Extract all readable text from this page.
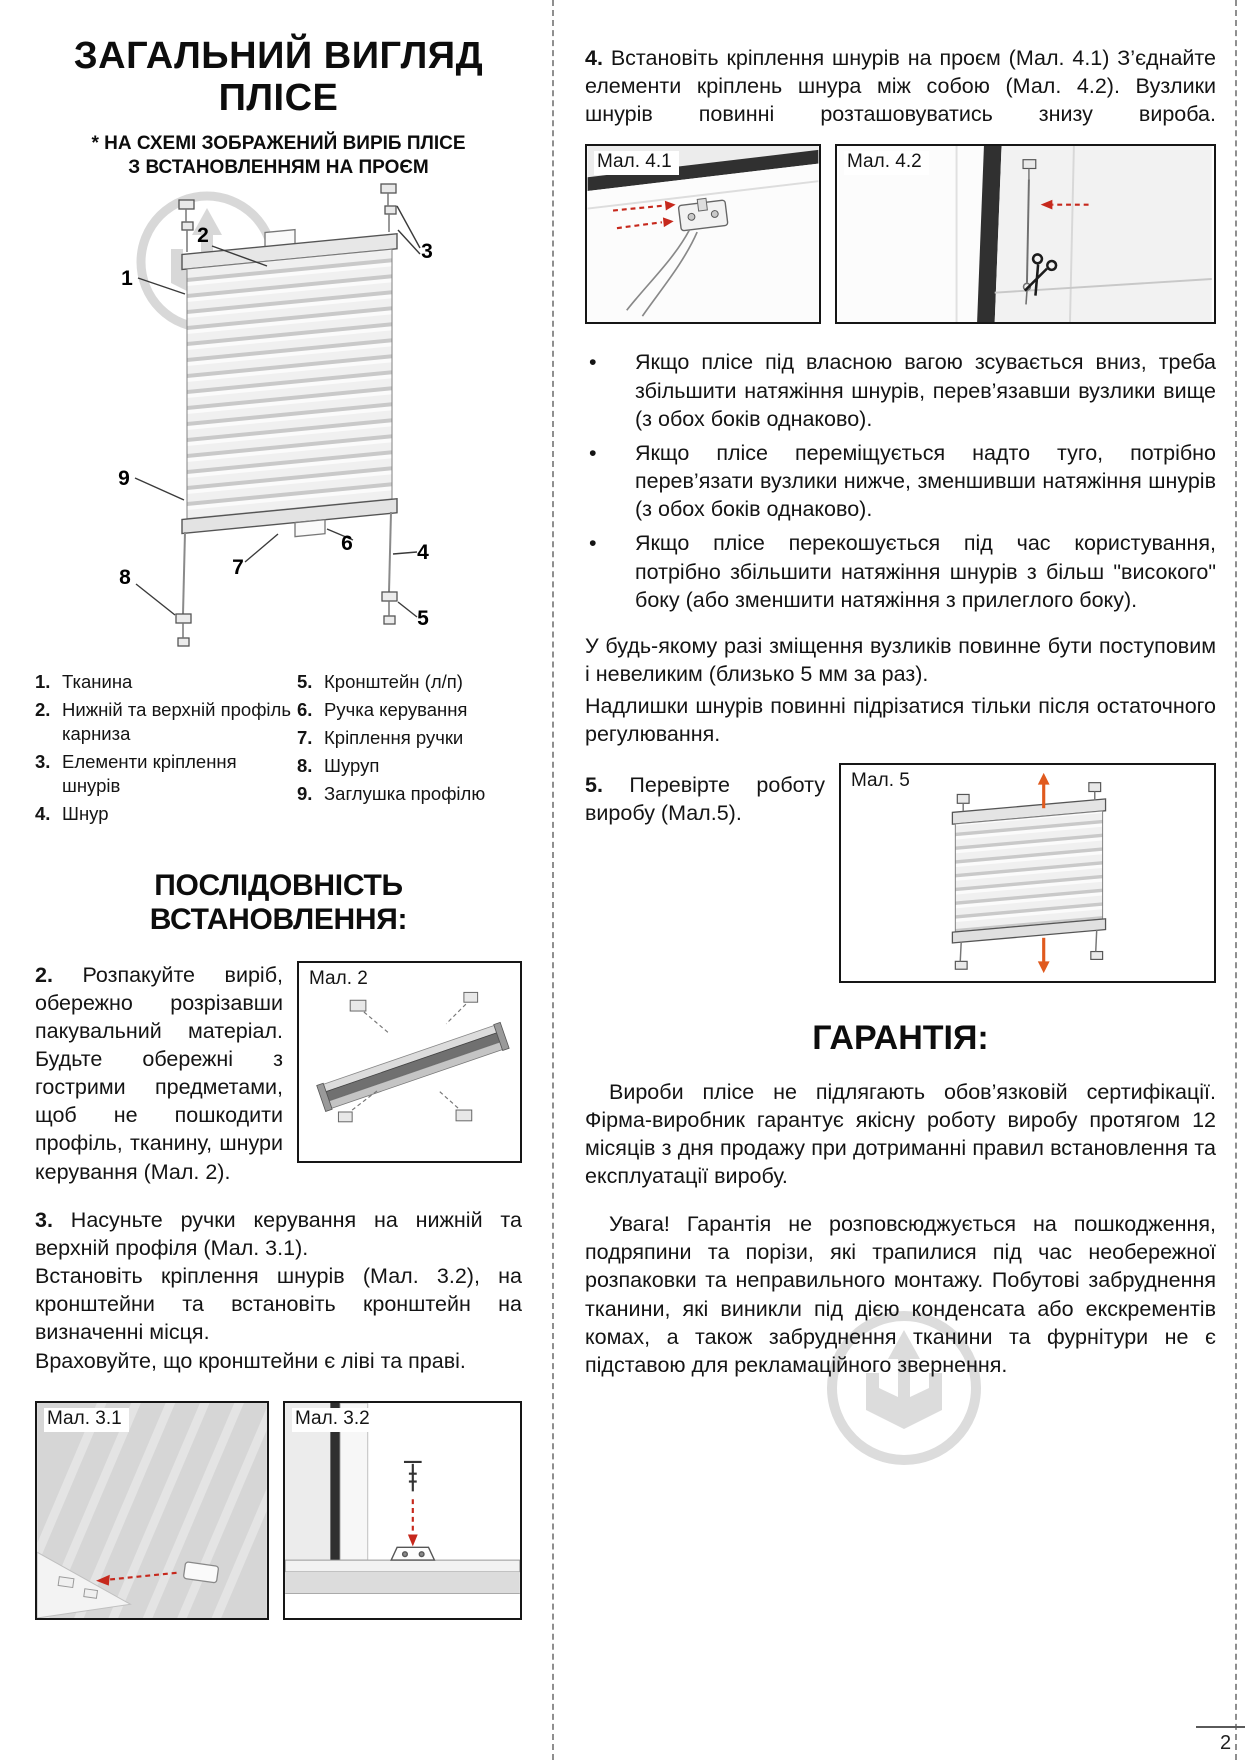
ЗАГАЛЬНИЙ ВИГЛЯД
ПЛІСЕ
* НА СХЕМІ ЗОБРАЖЕНИЙ ВИРІБ ПЛІСЕ
З ВСТАНОВЛЕННЯМ НА ПРОЄМ
1
2
3
4
5
6
7
8
9
1. Тканина
2. Нижній та верхній профіль карниза
3. Елементи кріплення шнурів
4. Шнур
5. Кронштейн (л/п)
6. Ручка керування
7. Кріплення ручки
8. Шуруп
9. Заглушка профілю
ПОСЛІДОВНІСТЬ ВСТАНОВЛЕННЯ:

2. Розпакуйте виріб, обережно розрізавши пакувальний матеріал. Будьте обережні з гострими предметами, щоб не пошкодити профіль, тканину, шнури керування (Мал. 2).

Мал. 2

3. Насуньте ручки керування на нижній та верхній профіля (Мал. 3.1).

Встановіть кріплення шнурів (Мал. 3.2), на кронштейни та встановіть кронштейн на визначенні місця.

Враховуйте, що кронштейни є ліві та праві.

Мал. 3.1	Мал. 3.2

4. Встановіть кріплення шнурів на проєм (Мал. 4.1) З’єднайте елементи кріплень шнура між собою (Мал. 4.2). Вузлики шнурів повинні розташовуватись знизу вироба.

Мал. 4.1	Мал. 4.2
•	Якщо плісе під власною вагою зсувається вниз, треба збільшити натяжіння шнурів, перев’язавши вузлики вище (з обох боків однаково).
•	Якщо плісе переміщується надто туго, потрібно перев’язати вузлики нижче, зменшивши натяжіння шнурів (з обох боків однаково).
•	Якщо плісе перекошується під час користування, потрібно збільшити натяжіння шнурів з більш "високого" боку (або зменшити натяжіння з прилеглого боку).

У будь-якому разі зміщення вузликів повинне бути поступовим і невеликим (близько 5 мм за раз).

Надлишки шнурів повинні підрізатися тільки після остаточного регулювання.

5. Перевірте роботу виробу (Мал.5).

Мал. 5
ГАРАНТІЯ:

Вироби плісе не підлягають обов’язковій сертифікації. Фірма-виробник гарантує якісну роботу виробу протягом 12 місяців з дня продажу при дотриманні правил встановлення та експлуатації виробу.

Увага! Гарантія не розповсюджується на пошкодження, подряпини та порізи, які трапилися під час необережної розпаковки та неправильного монтажу. Побутові забруднення тканини, які виникли під дією конденсата або екскрементів комах, а також забруднення тканини та фурнітури не є підставою для рекламаційного звернення.

2
